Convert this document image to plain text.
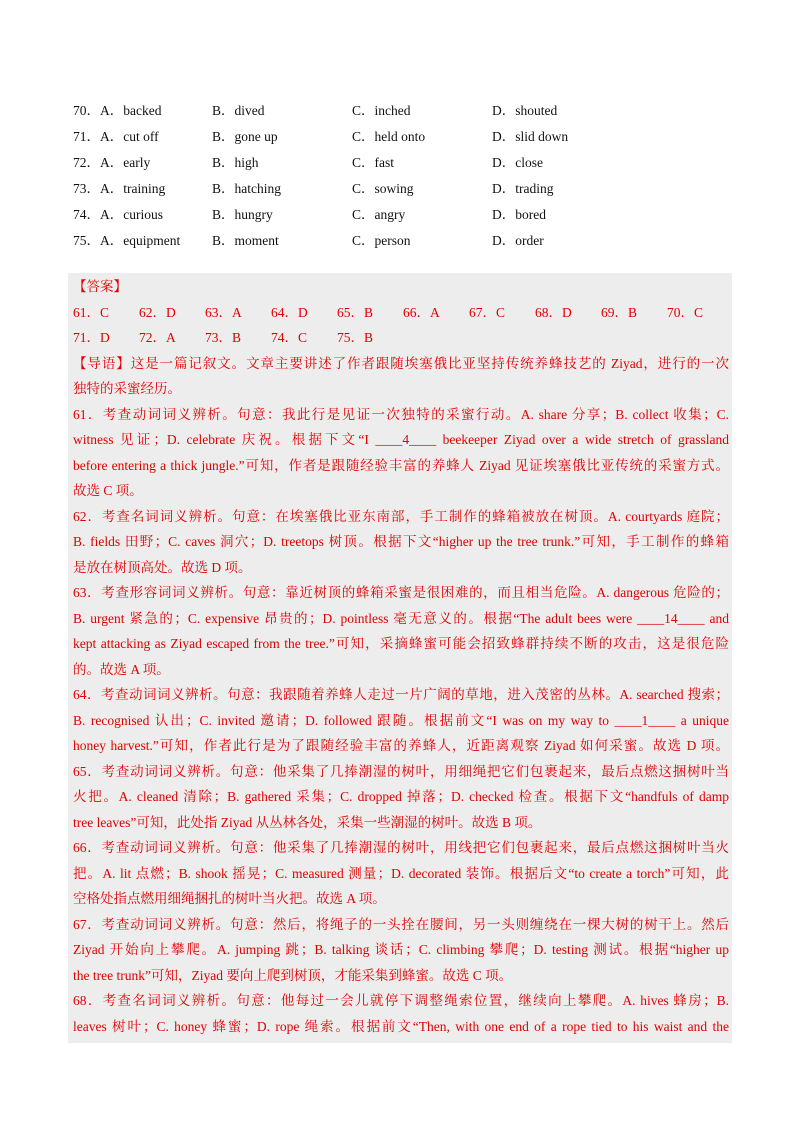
70．A．backed	B．dived	C．inched	D．shouted
71．A．cut off	B．gone up	C．held onto	D．slid down
72．A．early	B．high	C．fast	D．close
73．A．training	B．hatching	C．sowing	D．trading
74．A．curious	B．hungry	C．angry	D．bored
75．A．equipment	B．moment	C．person	D．order
【答案】
61．C	62．D	63．A	64．D	65．B	66．A	67．C	68．D	69．B	70．C
71．D	72．A	73．B	74．C	75．B
【导语】这是一篇记叙文。文章主要讲述了作者跟随埃塞俄比亚坚持传统养蜂技艺的 Ziyad，进行的一次
独特的采蜜经历。
61．考查动词词义辨析。句意：我此行是见证一次独特的采蜜行动。A. share 分享；B. collect 收集；C.
witness 见证；D. celebrate 庆祝。根据下文“I ____4____ beekeeper Ziyad over a wide stretch of grassland
before entering a thick jungle.”可知，作者是跟随经验丰富的养蜂人 Ziyad 见证埃塞俄比亚传统的采蜜方式。
故选 C 项。
62．考查名词词义辨析。句意：在埃塞俄比亚东南部，手工制作的蜂箱被放在树顶。A. courtyards 庭院；
B. fields 田野；C. caves 洞穴；D. treetops 树顶。根据下文“higher up the tree trunk.”可知，手工制作的蜂箱
是放在树顶高处。故选 D 项。
63．考查形容词词义辨析。句意：靠近树顶的蜂箱采蜜是很困难的，而且相当危险。A. dangerous 危险的；
B. urgent 紧急的；C. expensive 昂贵的；D. pointless 毫无意义的。根据“The adult bees were ____14____ and
kept attacking as Ziyad escaped from the tree.”可知，采摘蜂蜜可能会招致蜂群持续不断的攻击，这是很危险
的。故选 A 项。
64．考查动词词义辨析。句意：我跟随着养蜂人走过一片广阔的草地，进入茂密的丛林。A. searched 搜索；
B. recognised 认出；C. invited 邀请；D. followed 跟随。根据前文“I was on my way to ____1____ a unique
honey harvest.”可知，作者此行是为了跟随经验丰富的养蜂人，近距离观察 Ziyad 如何采蜜。故选 D 项。
65．考查动词词义辨析。句意：他采集了几捧潮湿的树叶，用细绳把它们包裹起来，最后点燃这捆树叶当
火把。A. cleaned 清除；B. gathered 采集；C. dropped 掉落；D. checked 检查。根据下文“handfuls of damp
tree leaves”可知，此处指 Ziyad 从丛林各处，采集一些潮湿的树叶。故选 B 项。
66．考查动词词义辨析。句意：他采集了几捧潮湿的树叶，用线把它们包裹起来，最后点燃这捆树叶当火
把。A. lit 点燃；B. shook 摇晃；C. measured 测量；D. decorated 装饰。根据后文“to create a torch”可知，此
空格处指点燃用细绳捆扎的树叶当火把。故选 A 项。
67．考查动词词义辨析。句意：然后，将绳子的一头拴在腰间，另一头则缠绕在一棵大树的树干上。然后
Ziyad 开始向上攀爬。A. jumping 跳；B. talking 谈话；C. climbing 攀爬；D. testing 测试。根据“higher up
the tree trunk”可知，Ziyad 要向上爬到树顶，才能采集到蜂蜜。故选 C 项。
68．考查名词词义辨析。句意：他每过一会儿就停下调整绳索位置，继续向上攀爬。A. hives 蜂房；B.
leaves 树叶；C. honey 蜂蜜；D. rope 绳索。根据前文“Then, with one end of a rope tied to his waist and the
